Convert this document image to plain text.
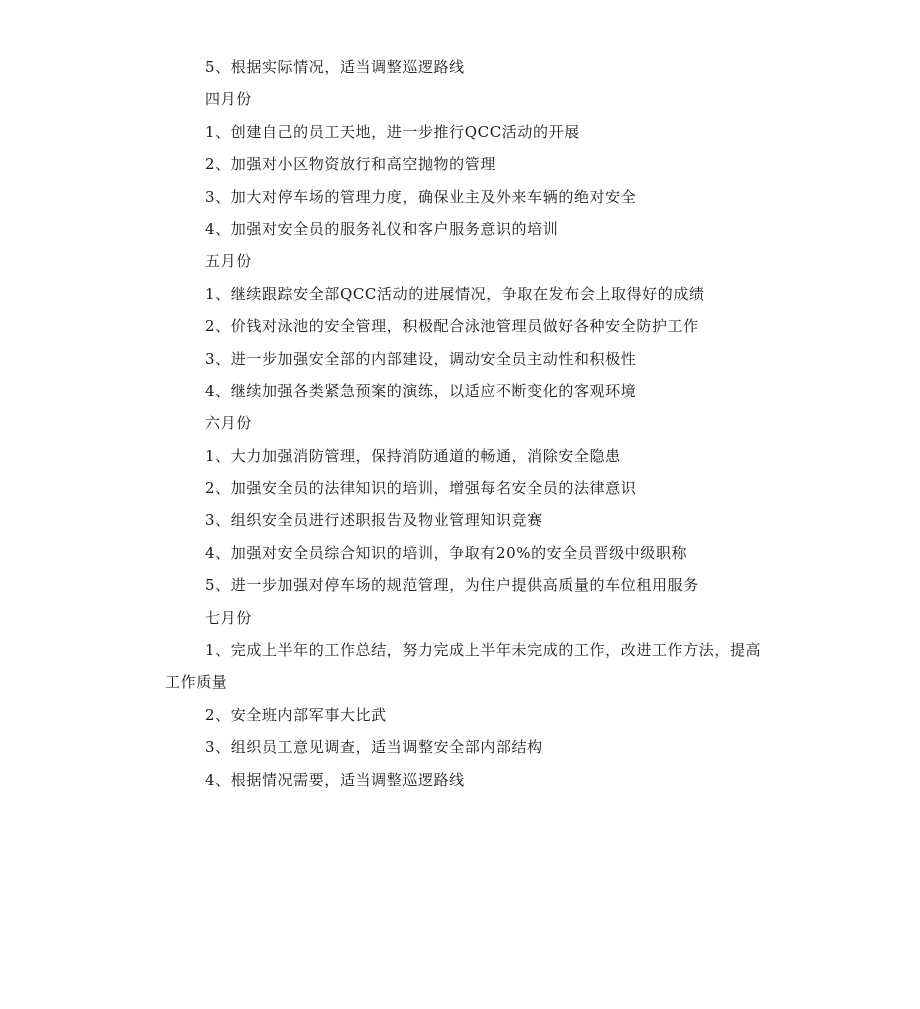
5、根据实际情况，适当调整巡逻路线
四月份
1、创建自己的员工天地，进一步推行QCC活动的开展
2、加强对小区物资放行和高空抛物的管理
3、加大对停车场的管理力度，确保业主及外来车辆的绝对安全
4、加强对安全员的服务礼仪和客户服务意识的培训
五月份
1、继续跟踪安全部QCC活动的进展情况，争取在发布会上取得好的成绩
2、价钱对泳池的安全管理，积极配合泳池管理员做好各种安全防护工作
3、进一步加强安全部的内部建设，调动安全员主动性和积极性
4、继续加强各类紧急预案的演练，以适应不断变化的客观环境
六月份
1、大力加强消防管理，保持消防通道的畅通，消除安全隐患
2、加强安全员的法律知识的培训，增强每名安全员的法律意识
3、组织安全员进行述职报告及物业管理知识竞赛
4、加强对安全员综合知识的培训，争取有20%的安全员晋级中级职称
5、进一步加强对停车场的规范管理，为住户提供高质量的车位租用服务
七月份
1、完成上半年的工作总结，努力完成上半年未完成的工作，改进工作方法，提高工作质量
2、安全班内部军事大比武
3、组织员工意见调查，适当调整安全部内部结构
4、根据情况需要，适当调整巡逻路线
